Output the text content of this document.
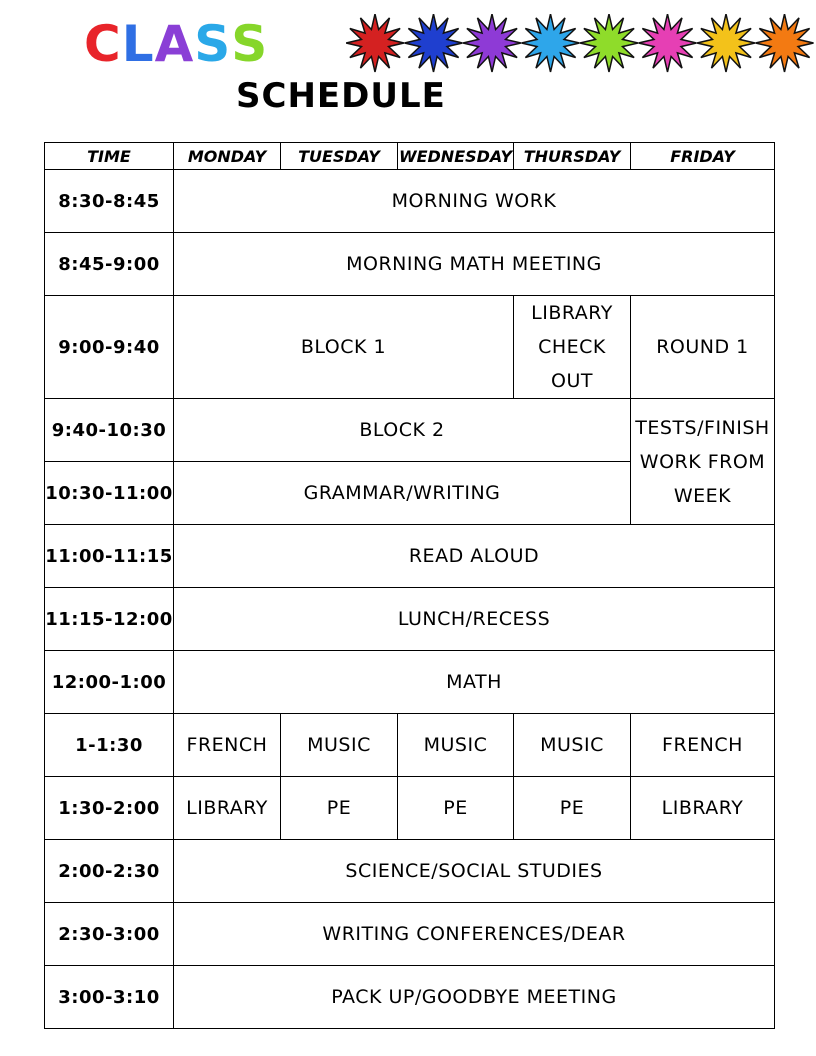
C L A S S
SCHEDULE
TIME	MONDAY	TUESDAY	WEDNESDAY	THURSDAY	FRIDAY
8:30-8:45	MORNING WORK				
8:45-9:00	MORNING MATH MEETING				
9:00-9:40	BLOCK 1			LIBRARY
CHECK OUT	ROUND 1
9:40-10:30	BLOCK 2				TESTS/FINISH
WORK FROM
WEEK

10:30-11:00	GRAMMAR/WRITING				
11:00-11:15	READ ALOUD				
11:15-12:00	LUNCH/RECESS				
12:00-1:00	MATH				
1-1:30	FRENCH	MUSIC	MUSIC	MUSIC	FRENCH
1:30-2:00	LIBRARY	PE	PE	PE	LIBRARY
2:00-2:30	SCIENCE/SOCIAL STUDIES				
2:30-3:00	WRITING CONFERENCES/DEAR				
3:00-3:10	PACK UP/GOODBYE MEETING				
